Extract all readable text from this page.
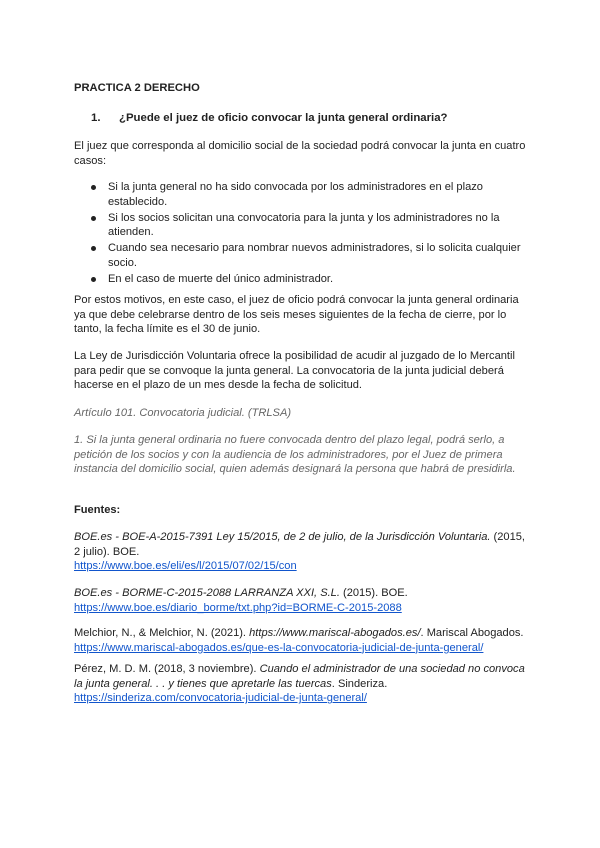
PRACTICA 2 DERECHO
1. ¿Puede el juez de oficio convocar la junta general ordinaria?

El juez que corresponda al domicilio social de la sociedad podrá convocar la junta en cuatro casos:

Si la junta general no ha sido convocada por los administradores en el plazo establecido.
Si los socios solicitan una convocatoria para la junta y los administradores no la atienden.
Cuando sea necesario para nombrar nuevos administradores, si lo solicita cualquier socio.
En el caso de muerte del único administrador.

Por estos motivos, en este caso, el juez de oficio podrá convocar la junta general ordinaria ya que debe celebrarse dentro de los seis meses siguientes de la fecha de cierre, por lo tanto, la fecha límite es el 30 de junio.

La Ley de Jurisdicción Voluntaria ofrece la posibilidad de acudir al juzgado de lo Mercantil para pedir que se convoque la junta general. La convocatoria de la junta judicial deberá hacerse en el plazo de un mes desde la fecha de solicitud.

Artículo 101. Convocatoria judicial. (TRLSA)

1. Si la junta general ordinaria no fuere convocada dentro del plazo legal, podrá serlo, a petición de los socios y con la audiencia de los administradores, por el Juez de primera instancia del domicilio social, quien además designará la persona que habrá de presidirla.

Fuentes:

BOE.es - BOE-A-2015-7391 Ley 15/2015, de 2 de julio, de la Jurisdicción Voluntaria. (2015, 2 julio). BOE.
https://www.boe.es/eli/es/l/2015/07/02/15/con
BOE.es - BORME-C-2015-2088 LARRANZA XXI, S.L. (2015). BOE.
https://www.boe.es/diario_borme/txt.php?id=BORME-C-2015-2088
Melchior, N., & Melchior, N. (2021). https://www.mariscal-abogados.es/. Mariscal Abogados.
https://www.mariscal-abogados.es/que-es-la-convocatoria-judicial-de-junta-general/
Pérez, M. D. M. (2018, 3 noviembre). Cuando el administrador de una sociedad no convoca la junta general. . . y tienes que apretarle las tuercas. Sinderiza.
https://sinderiza.com/convocatoria-judicial-de-junta-general/
